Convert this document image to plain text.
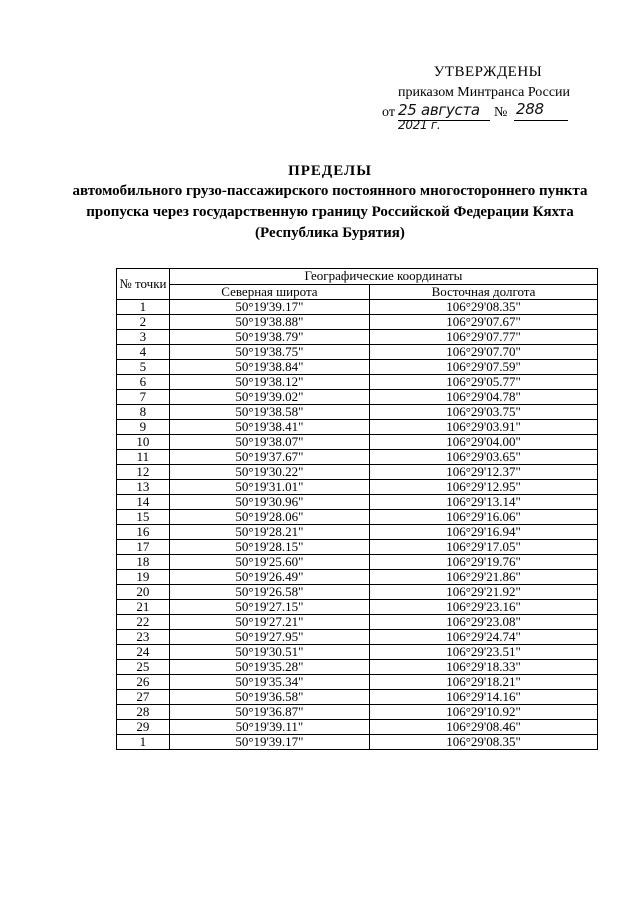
УТВЕРЖДЕНЫ
приказом Минтранса России
от 25 августа № 288
2021 г.
ПРЕДЕЛЫ
автомобильного грузо-пассажирского постоянного многостороннего пункта
пропуска через государственную границу Российской Федерации Кяхта
(Республика Бурятия)
№ точки	Географические координаты	
	Северная широта	Восточная долгота
1	50°19'39.17"	106°29'08.35"
2	50°19'38.88"	106°29'07.67"
3	50°19'38.79"	106°29'07.77"
4	50°19'38.75"	106°29'07.70"
5	50°19'38.84"	106°29'07.59"
6	50°19'38.12"	106°29'05.77"
7	50°19'39.02"	106°29'04.78"
8	50°19'38.58"	106°29'03.75"
9	50°19'38.41"	106°29'03.91"
10	50°19'38.07"	106°29'04.00"
11	50°19'37.67"	106°29'03.65"
12	50°19'30.22"	106°29'12.37"
13	50°19'31.01"	106°29'12.95"
14	50°19'30.96"	106°29'13.14"
15	50°19'28.06"	106°29'16.06"
16	50°19'28.21"	106°29'16.94"
17	50°19'28.15"	106°29'17.05"
18	50°19'25.60"	106°29'19.76"
19	50°19'26.49"	106°29'21.86"
20	50°19'26.58"	106°29'21.92"
21	50°19'27.15"	106°29'23.16"
22	50°19'27.21"	106°29'23.08"
23	50°19'27.95"	106°29'24.74"
24	50°19'30.51"	106°29'23.51"
25	50°19'35.28"	106°29'18.33"
26	50°19'35.34"	106°29'18.21"
27	50°19'36.58"	106°29'14.16"
28	50°19'36.87"	106°29'10.92"
29	50°19'39.11"	106°29'08.46"
1	50°19'39.17"	106°29'08.35"
